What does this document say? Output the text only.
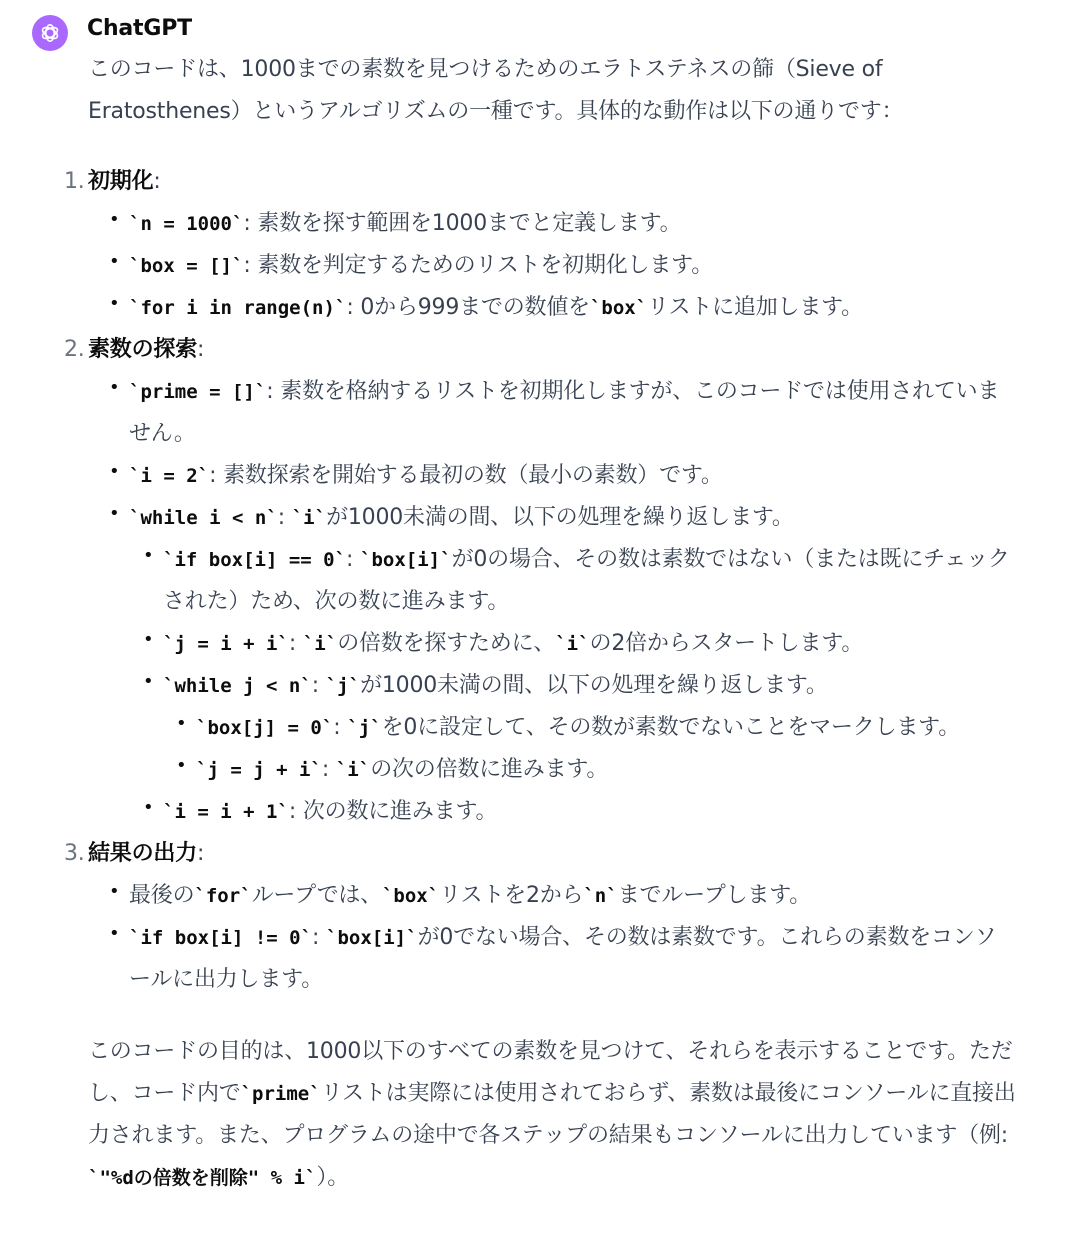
ChatGPT

このコードは、1000までの素数を見つけるためのエラトステネスの篩（Sieve of Eratosthenes）というアルゴリズムの一種です。具体的な動作は以下の通りです：

1. 初期化:
• `n = 1000`: 素数を探す範囲を1000までと定義します。
• `box = []`: 素数を判定するためのリストを初期化します。
• `for i in range(n)`: 0から999までの数値を`box`リストに追加します。
2. 素数の探索:
• `prime = []`: 素数を格納するリストを初期化しますが、このコードでは使用されていません。
• `i = 2`: 素数探索を開始する最初の数（最小の素数）です。
• `while i < n`: `i`が1000未満の間、以下の処理を繰り返します。
• `if box[i] == 0`: `box[i]`が0の場合、その数は素数ではない（または既にチェックされた）ため、次の数に進みます。
• `j = i + i`: `i`の倍数を探すために、`i`の2倍からスタートします。
• `while j < n`: `j`が1000未満の間、以下の処理を繰り返します。
• `box[j] = 0`: `j`を0に設定して、その数が素数でないことをマークします。
• `j = j + i`: `i`の次の倍数に進みます。
• `i = i + 1`: 次の数に進みます。
3. 結果の出力:
• 最後の`for`ループでは、`box`リストを2から`n`までループします。
• `if box[i] != 0`: `box[i]`が0でない場合、その数は素数です。これらの素数をコンソールに出力します。

このコードの目的は、1000以下のすべての素数を見つけて、それらを表示することです。ただし、コード内で`prime`リストは実際には使用されておらず、素数は最後にコンソールに直接出力されます。また、プログラムの途中で各ステップの結果もコンソールに出力しています（例: `"%dの倍数を削除" % i`）。
